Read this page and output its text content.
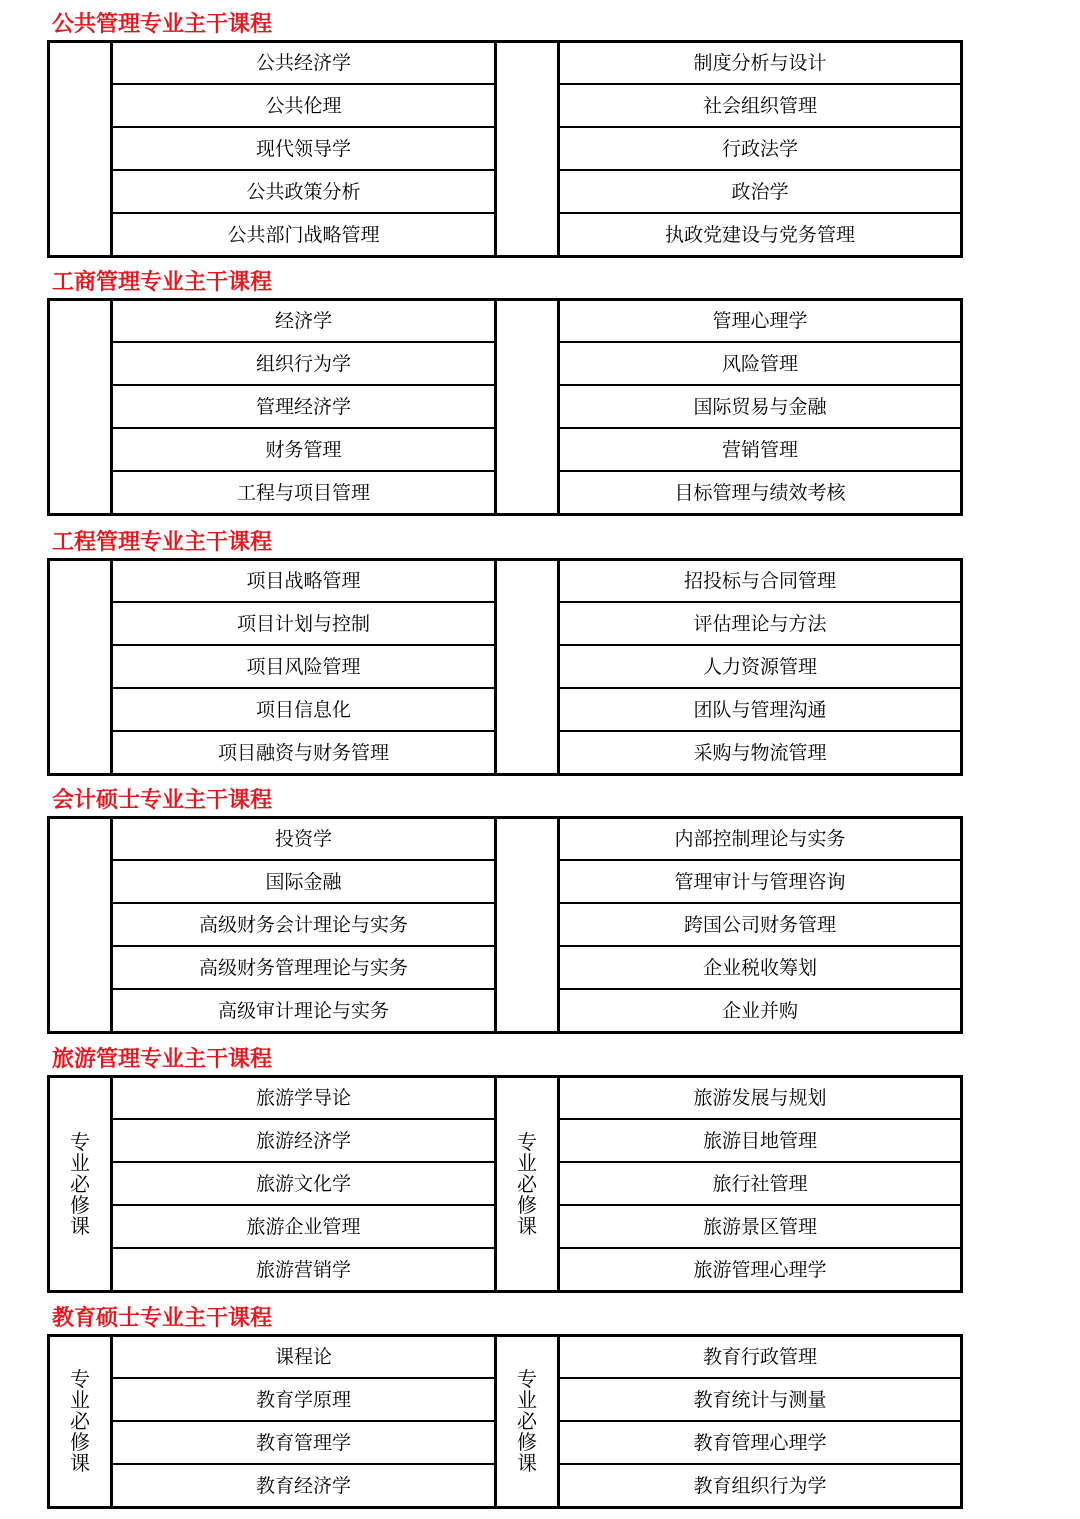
公共管理专业主干课程
公共经济学
公共伦理
现代领导学
公共政策分析
公共部门战略管理
制度分析与设计
社会组织管理
行政法学
政治学
执政党建设与党务管理
工商管理专业主干课程
经济学
组织行为学
管理经济学
财务管理
工程与项目管理
管理心理学
风险管理
国际贸易与金融
营销管理
目标管理与绩效考核
工程管理专业主干课程
项目战略管理
项目计划与控制
项目风险管理
项目信息化
项目融资与财务管理
招投标与合同管理
评估理论与方法
人力资源管理
团队与管理沟通
采购与物流管理
会计硕士专业主干课程
投资学
国际金融
高级财务会计理论与实务
高级财务管理理论与实务
高级审计理论与实务
内部控制理论与实务
管理审计与管理咨询
跨国公司财务管理
企业税收筹划
企业并购
旅游管理专业主干课程
旅游学导论
旅游经济学
旅游文化学
旅游企业管理
旅游营销学
旅游发展与规划
旅游目地管理
旅行社管理
旅游景区管理
旅游管理心理学
专
业
必
修
课
专
业
必
修
课
教育硕士专业主干课程
课程论
教育学原理
教育管理学
教育经济学
教育行政管理
教育统计与测量
教育管理心理学
教育组织行为学
专
业
必
修
课
专
业
必
修
课
